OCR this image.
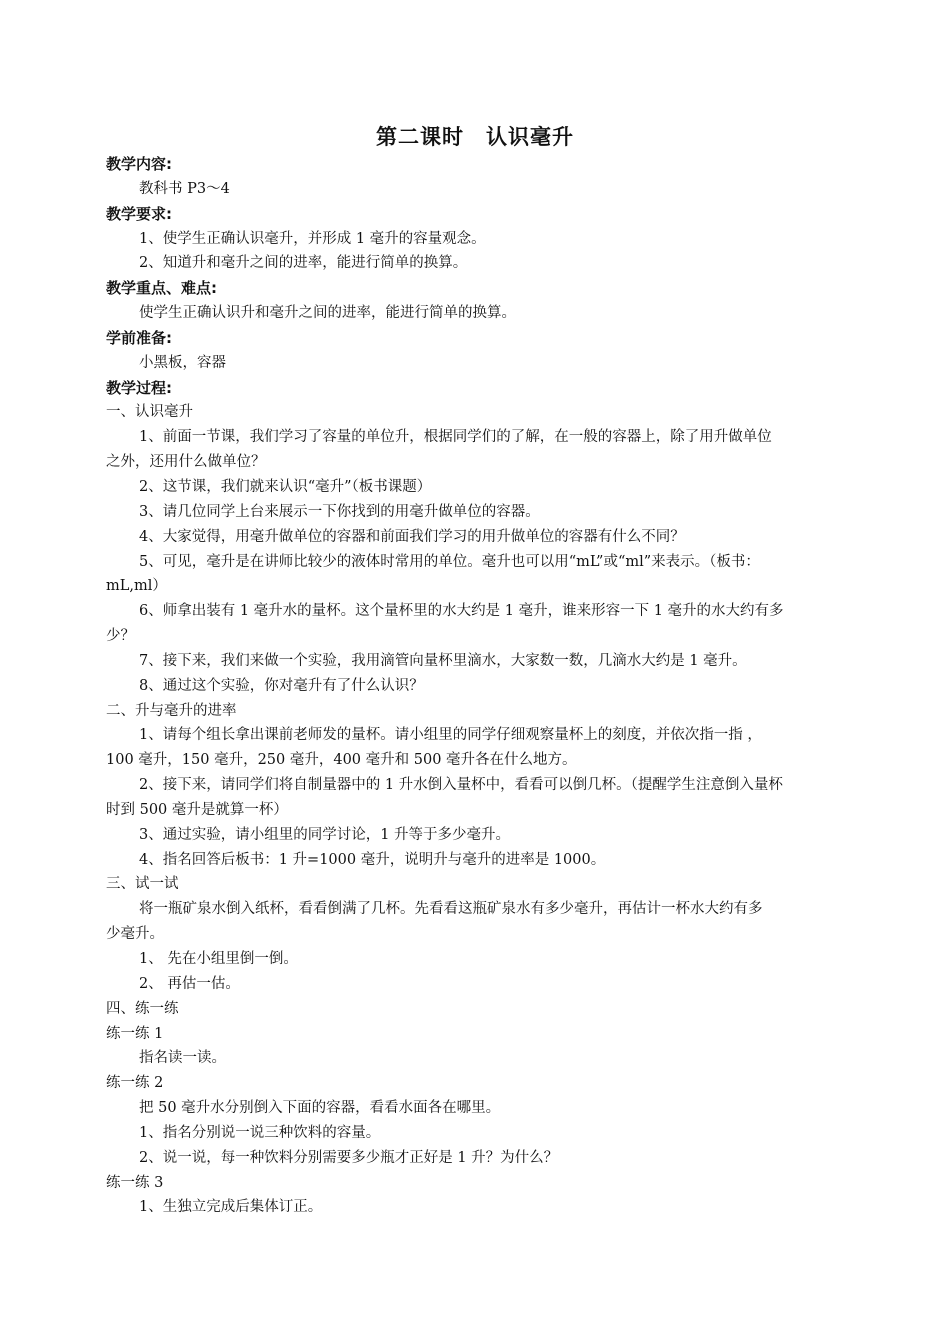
第二课时　认识毫升
教学内容:
教科书 P3～4
教学要求:
1、使学生正确认识毫升，并形成 1 毫升的容量观念。
2、知道升和毫升之间的进率，能进行简单的换算。
教学重点、难点:
使学生正确认识升和毫升之间的进率，能进行简单的换算。
学前准备:
小黑板，容器
教学过程:
一、认识毫升
1、前面一节课，我们学习了容量的单位升，根据同学们的了解，在一般的容器上，除了用升做单位
之外，还用什么做单位？
2、这节课，我们就来认识“毫升”（板书课题）
3、请几位同学上台来展示一下你找到的用毫升做单位的容器。
4、大家觉得，用毫升做单位的容器和前面我们学习的用升做单位的容器有什么不同？
5、可见，毫升是在讲师比较少的液体时常用的单位。毫升也可以用“mL”或“ml”来表示。（板书：
mL,ml）
6、师拿出装有 1 毫升水的量杯。这个量杯里的水大约是 1 毫升，谁来形容一下 1 毫升的水大约有多
少？
7、接下来，我们来做一个实验，我用滴管向量杯里滴水，大家数一数，几滴水大约是 1 毫升。
8、通过这个实验，你对毫升有了什么认识？
二、升与毫升的进率
1、请每个组长拿出课前老师发的量杯。请小组里的同学仔细观察量杯上的刻度，并依次指一指 ，
100 毫升，150 毫升，250 毫升，400 毫升和 500 毫升各在什么地方。
2、接下来，请同学们将自制量器中的 1 升水倒入量杯中，看看可以倒几杯。（提醒学生注意倒入量杯
时到 500 毫升是就算一杯）
3、通过实验，请小组里的同学讨论，1 升等于多少毫升。
4、指名回答后板书：1 升=1000 毫升，说明升与毫升的进率是 1000。
三、试一试
将一瓶矿泉水倒入纸杯，看看倒满了几杯。先看看这瓶矿泉水有多少毫升，再估计一杯水大约有多
少毫升。
1、 先在小组里倒一倒。
2、 再估一估。
四、练一练
练一练 1
指名读一读。
练一练 2
把 50 毫升水分别倒入下面的容器，看看水面各在哪里。
1、指名分别说一说三种饮料的容量。
2、说一说，每一种饮料分别需要多少瓶才正好是 1 升？为什么？
练一练 3
1、生独立完成后集体订正。
